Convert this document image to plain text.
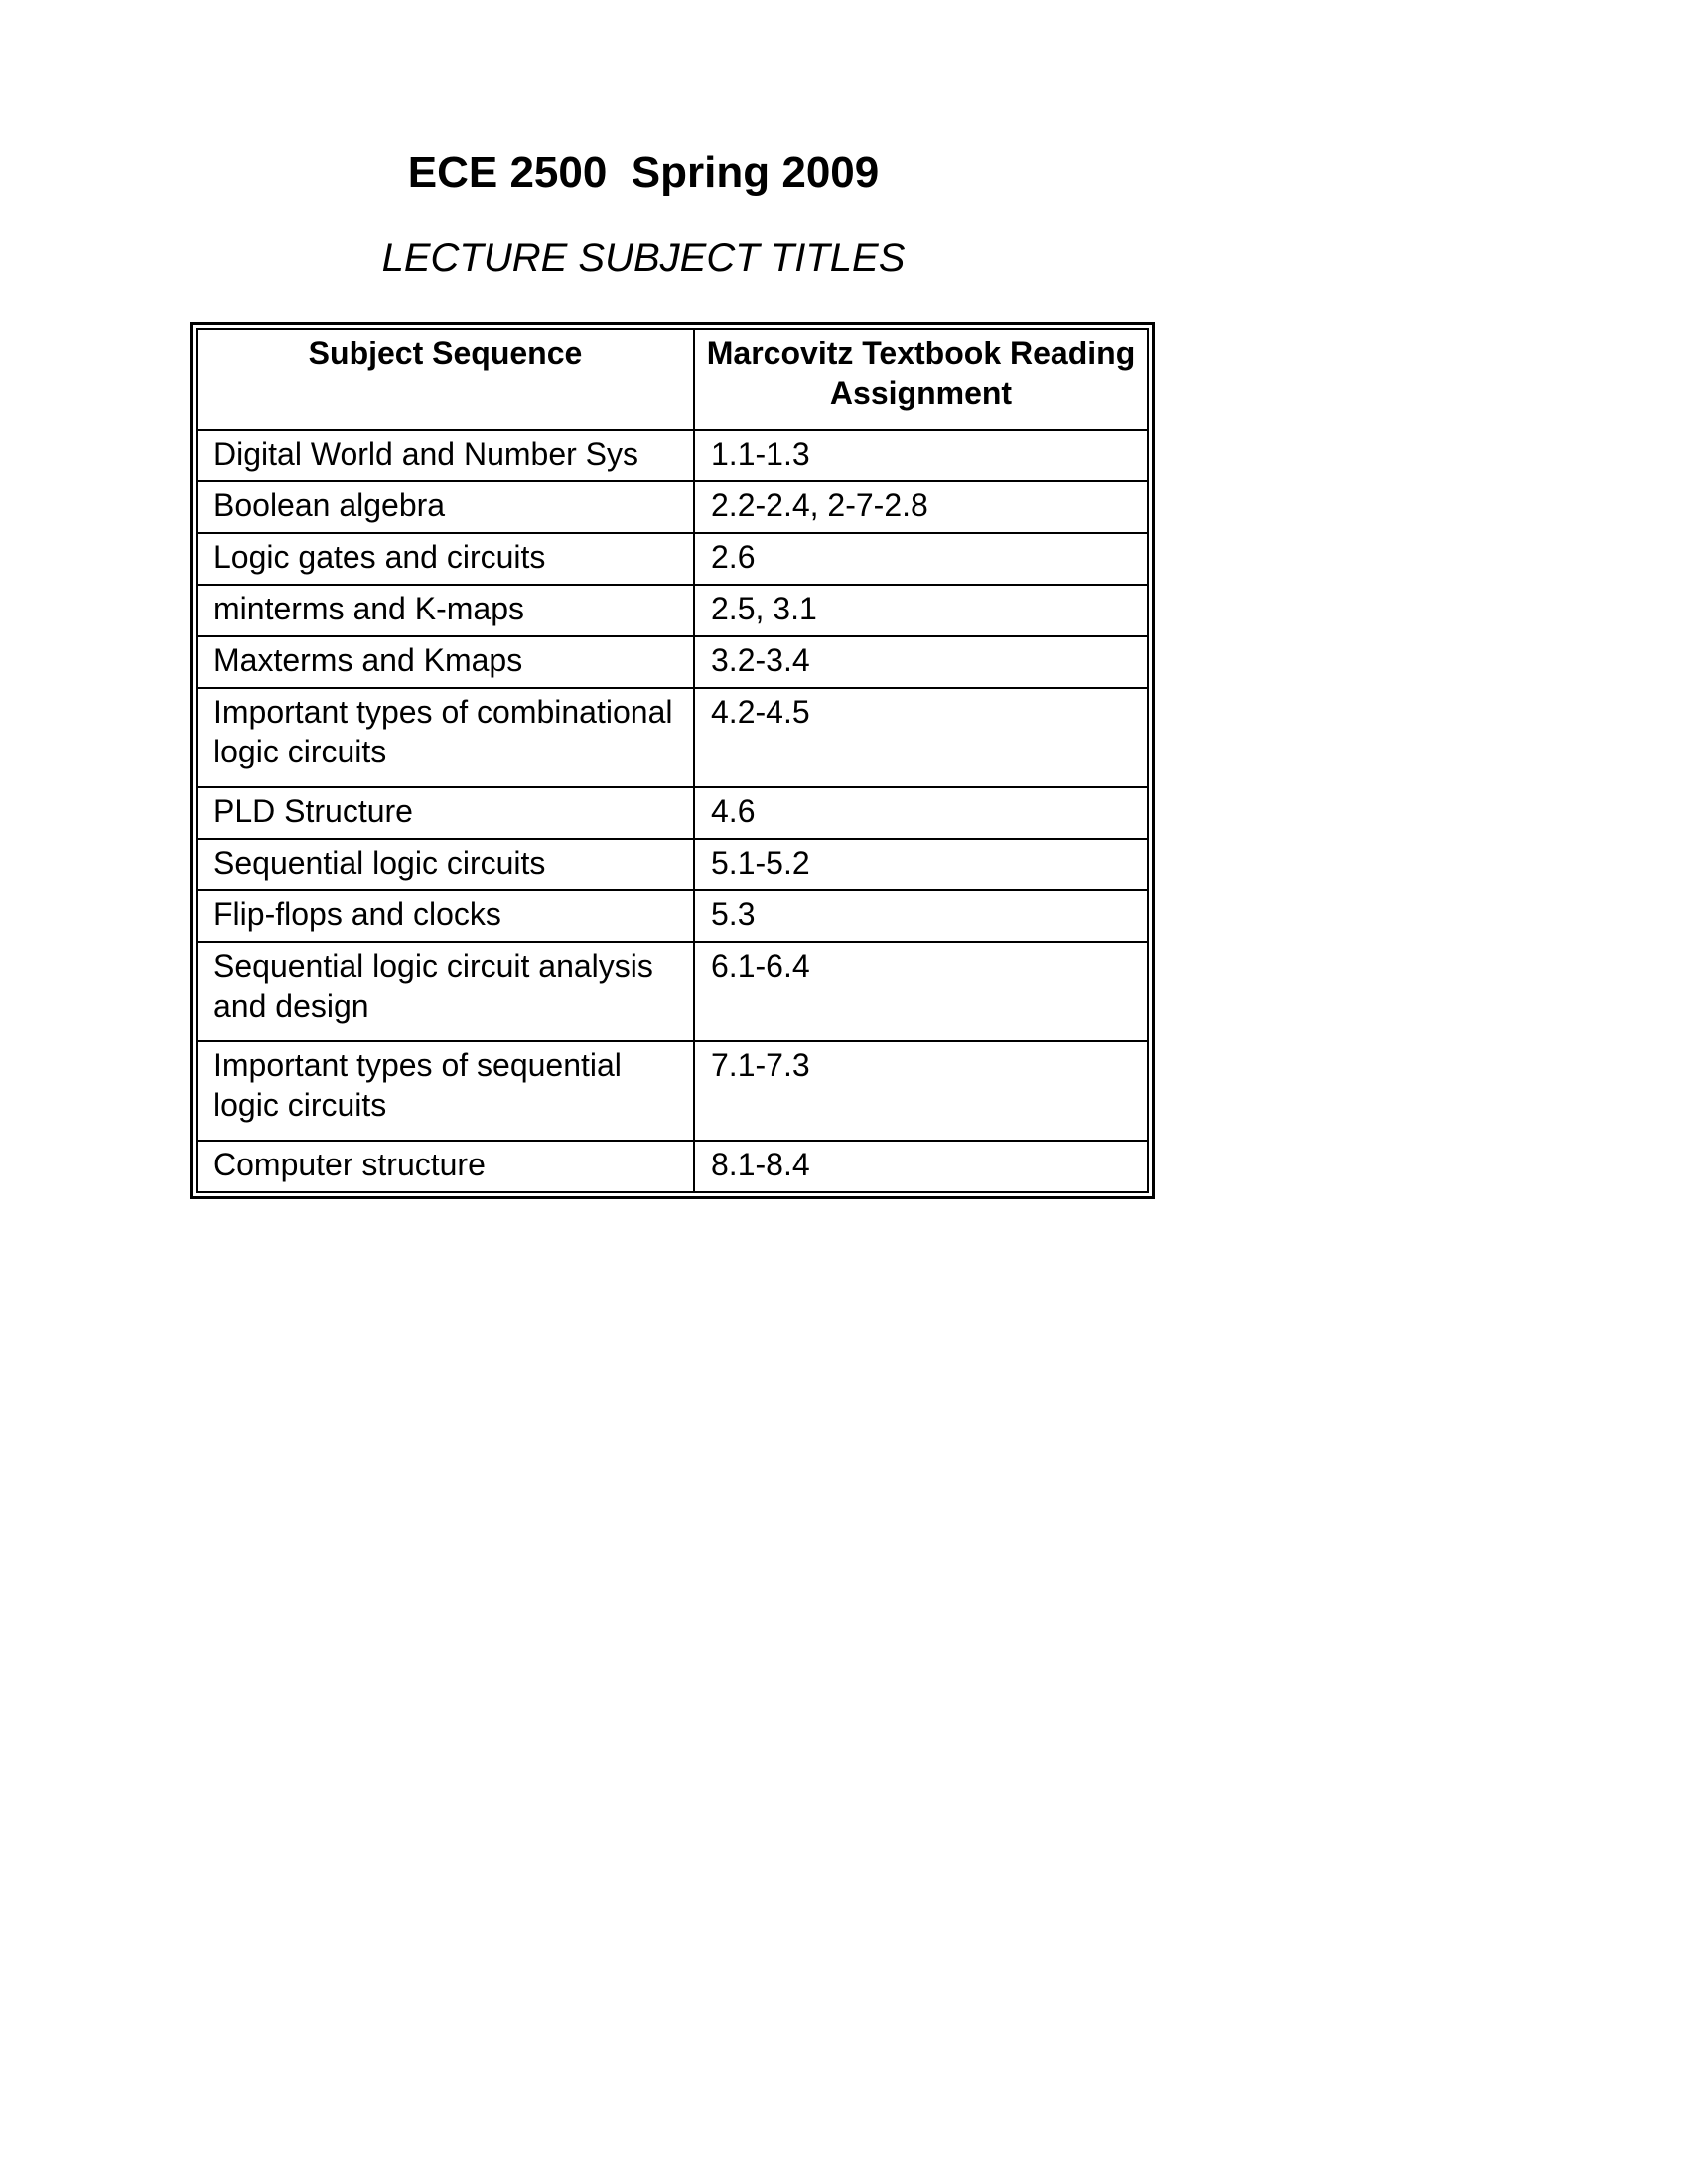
ECE 2500  Spring 2009
LECTURE SUBJECT TITLES
Subject Sequence	Marcovitz Textbook Reading Assignment
Digital World and Number Sys	1.1-1.3
Boolean algebra	2.2-2.4, 2-7-2.8
Logic gates and circuits	2.6
minterms and K-maps	2.5, 3.1
Maxterms and Kmaps	3.2-3.4
Important types of combinational logic circuits	4.2-4.5
PLD Structure	4.6
Sequential logic circuits	5.1-5.2
Flip-flops and clocks	5.3
Sequential logic circuit analysis and design	6.1-6.4
Important types of sequential logic circuits	7.1-7.3
Computer structure	8.1-8.4
